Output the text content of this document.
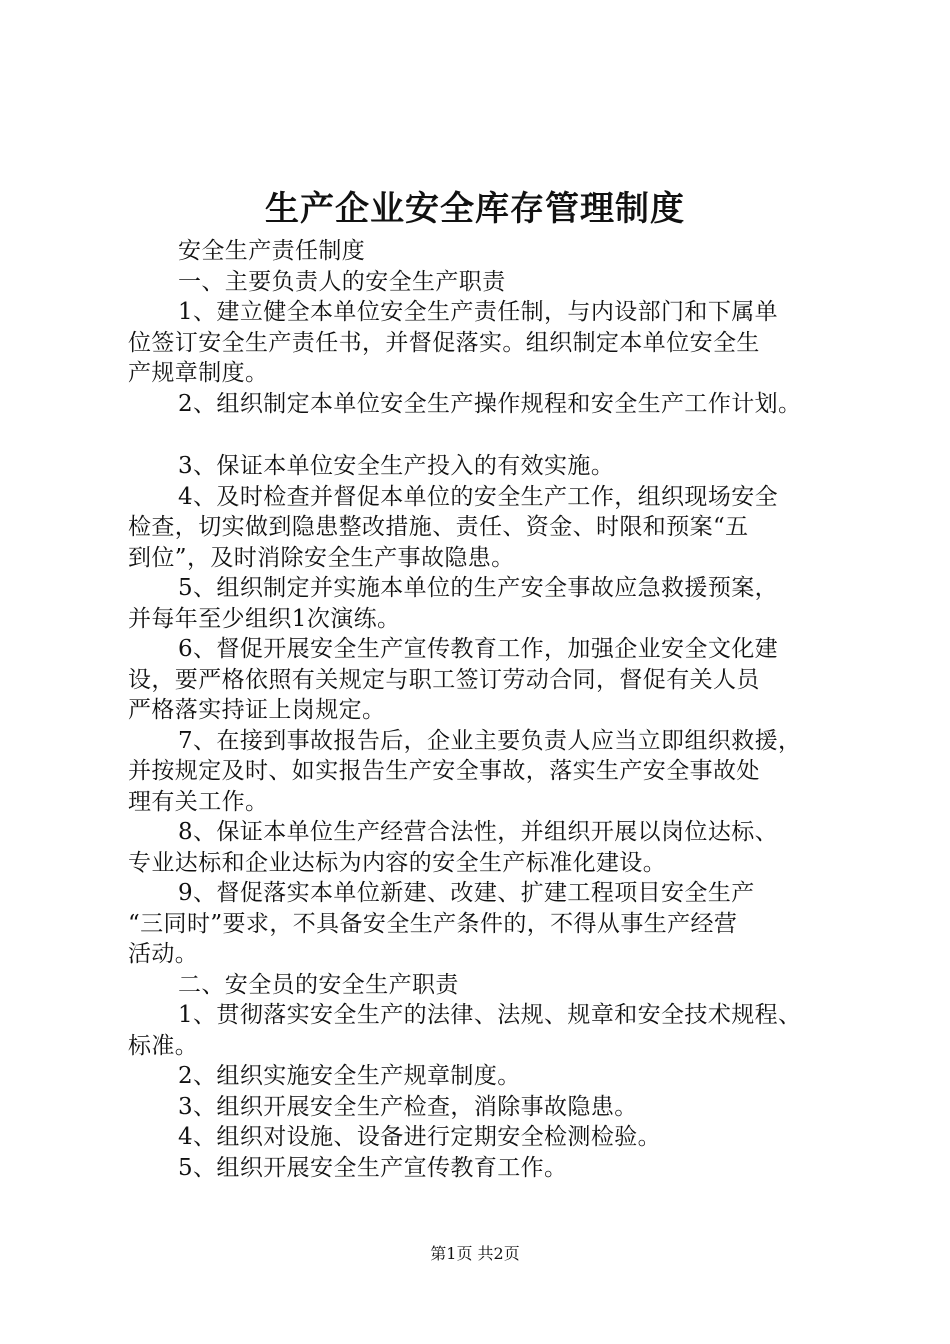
生产企业安全库存管理制度
安全生产责任制度
一、主要负责人的安全生产职责
1、建立健全本单位安全生产责任制，与内设部门和下属单
位签订安全生产责任书，并督促落实。组织制定本单位安全生
产规章制度。
2、组织制定本单位安全生产操作规程和安全生产工作计划。
3、保证本单位安全生产投入的有效实施。
4、及时检查并督促本单位的安全生产工作，组织现场安全
检查，切实做到隐患整改措施、责任、资金、时限和预案“五
到位”，及时消除安全生产事故隐患。
5、组织制定并实施本单位的生产安全事故应急救援预案，
并每年至少组织1次演练。
6、督促开展安全生产宣传教育工作，加强企业安全文化建
设，要严格依照有关规定与职工签订劳动合同，督促有关人员
严格落实持证上岗规定。
7、在接到事故报告后，企业主要负责人应当立即组织救援，
并按规定及时、如实报告生产安全事故，落实生产安全事故处
理有关工作。
8、保证本单位生产经营合法性，并组织开展以岗位达标、
专业达标和企业达标为内容的安全生产标准化建设。
9、督促落实本单位新建、改建、扩建工程项目安全生产
“三同时”要求，不具备安全生产条件的，不得从事生产经营
活动。
二、安全员的安全生产职责
1、贯彻落实安全生产的法律、法规、规章和安全技术规程、
标准。
2、组织实施安全生产规章制度。
3、组织开展安全生产检查，消除事故隐患。
4、组织对设施、设备进行定期安全检测检验。
5、组织开展安全生产宣传教育工作。
第1页 共2页
